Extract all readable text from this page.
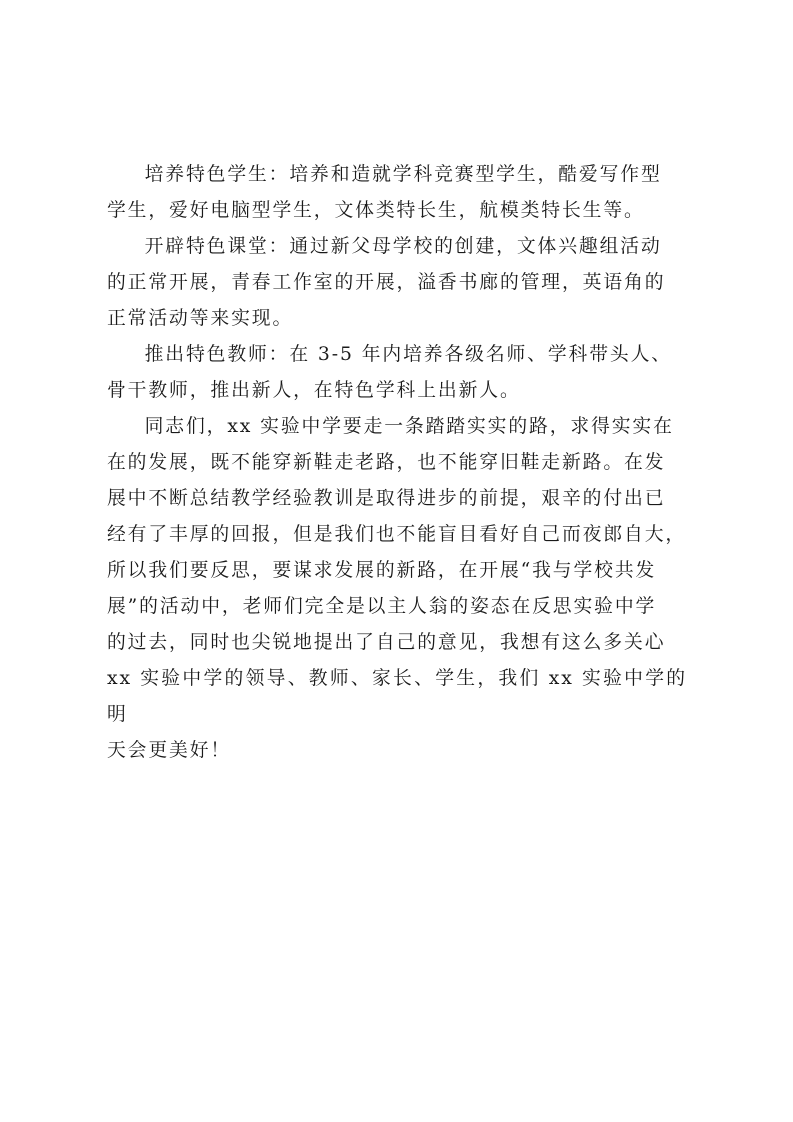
培养特色学生：培养和造就学科竞赛型学生，酷爱写作型
学生，爱好电脑型学生，文体类特长生，航模类特长生等。

开辟特色课堂：通过新父母学校的创建，文体兴趣组活动
的正常开展，青春工作室的开展，溢香书廊的管理，英语角的
正常活动等来实现。

推出特色教师：在 3-5 年内培养各级名师、学科带头人、
骨干教师，推出新人，在特色学科上出新人。

同志们，xx 实验中学要走一条踏踏实实的路，求得实实在
在的发展，既不能穿新鞋走老路，也不能穿旧鞋走新路。在发
展中不断总结教学经验教训是取得进步的前提，艰辛的付出已
经有了丰厚的回报，但是我们也不能盲目看好自己而夜郎自大，
所以我们要反思，要谋求发展的新路，在开展“我与学校共发
展”的活动中，老师们完全是以主人翁的姿态在反思实验中学
的过去，同时也尖锐地提出了自己的意见，我想有这么多关心
xx 实验中学的领导、教师、家长、学生，我们 xx 实验中学的明
天会更美好！
